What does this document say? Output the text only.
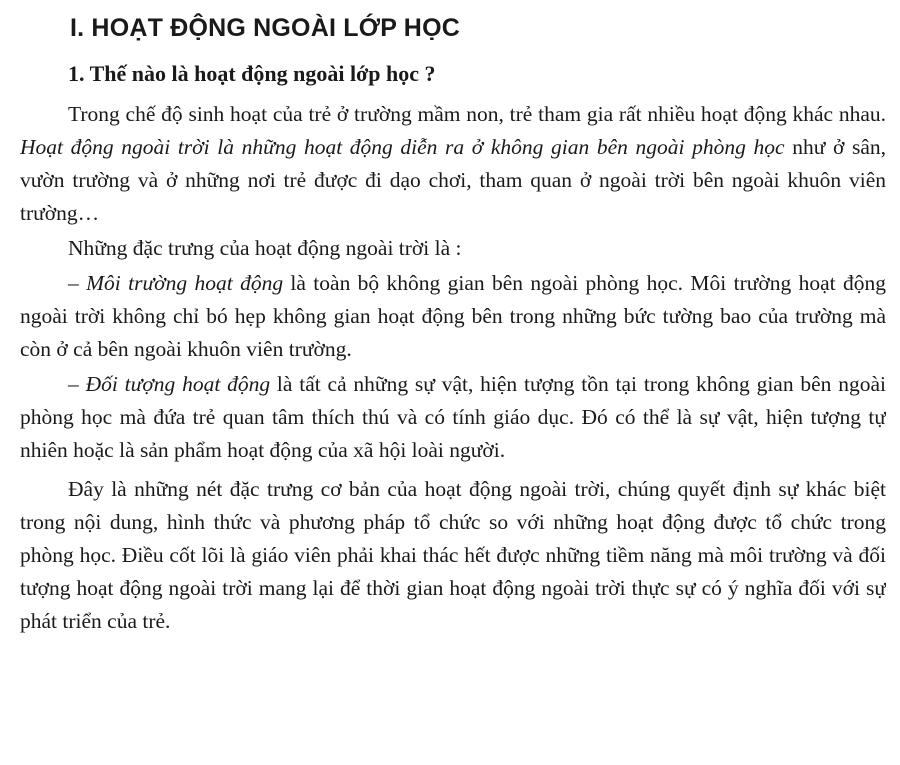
I. HOẠT ĐỘNG NGOÀI LỚP HỌC
1. Thế nào là hoạt động ngoài lớp học ?

Trong chế độ sinh hoạt của trẻ ở trường mầm non, trẻ tham gia rất nhiều hoạt động khác nhau. Hoạt động ngoài trời là những hoạt động diễn ra ở không gian bên ngoài phòng học như ở sân, vườn trường và ở những nơi trẻ được đi dạo chơi, tham quan ở ngoài trời bên ngoài khuôn viên trường…

Những đặc trưng của hoạt động ngoài trời là :

– Môi trường hoạt động là toàn bộ không gian bên ngoài phòng học. Môi trường hoạt động ngoài trời không chỉ bó hẹp không gian hoạt động bên trong những bức tường bao của trường mà còn ở cả bên ngoài khuôn viên trường.

– Đối tượng hoạt động là tất cả những sự vật, hiện tượng tồn tại trong không gian bên ngoài phòng học mà đứa trẻ quan tâm thích thú và có tính giáo dục. Đó có thể là sự vật, hiện tượng tự nhiên hoặc là sản phẩm hoạt động của xã hội loài người.

Đây là những nét đặc trưng cơ bản của hoạt động ngoài trời, chúng quyết định sự khác biệt trong nội dung, hình thức và phương pháp tổ chức so với những hoạt động được tổ chức trong phòng học. Điều cốt lõi là giáo viên phải khai thác hết được những tiềm năng mà môi trường và đối tượng hoạt động ngoài trời mang lại để thời gian hoạt động ngoài trời thực sự có ý nghĩa đối với sự phát triển của trẻ.
